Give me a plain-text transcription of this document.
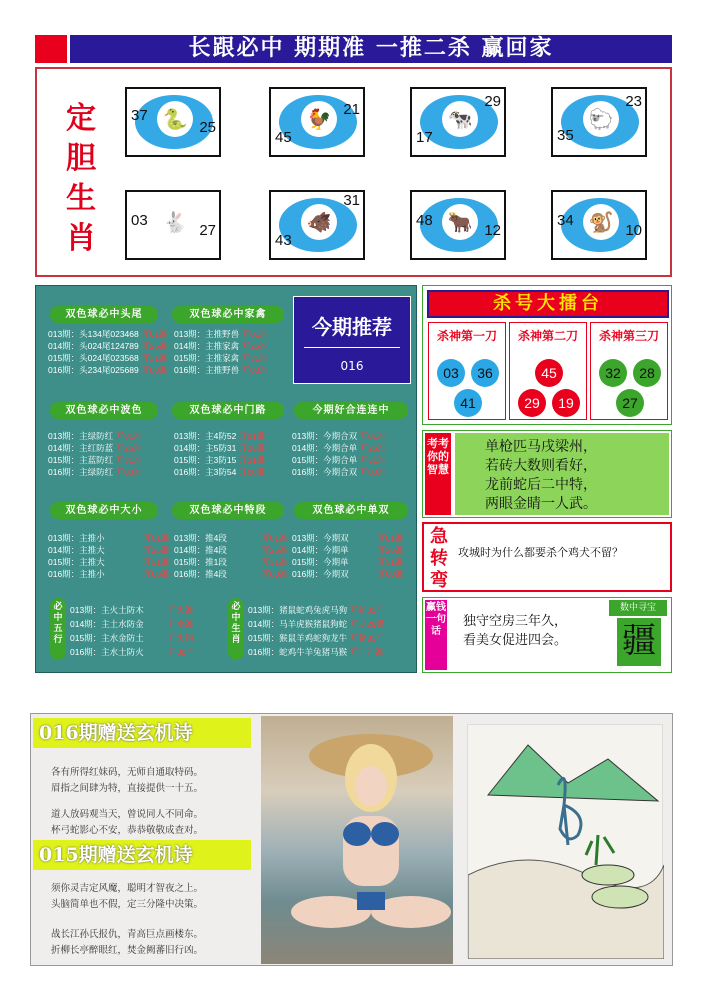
长跟必中 期期准 一推二杀 赢回家
定胆生肖
🐍
37
25	🐓
45
21	🐄
17
29
🐑
35
23
🐇
03
27	🐗
43
31
🐂
48
12	🐒
34
10
双色球必中头尾
013期：头134尾023468 开01准
014期：头024尾124789 开26准
015期：头024尾023568 开31准
016期：头234尾025689 开00准
双色球必中家禽
013期：主推野兽 开01准
014期：主推家禽 开26准
015期：主推家禽 开31准
016期：主推野兽 开00准
今期推荐
016
双色球必中波色
013期：主绿防红 开01准
014期：主红防蓝 开26准
015期：主蓝防红 开31准
016期：主绿防红 开00准
双色球必中门路
013期：主4防52 开01准
014期：主5防31 开26准
015期：主3防15 开31准
016期：主3防54 开00准
今期好合连连中
013期：今期合双 开01准
014期：今期合单 开26准
015期：今期合单 开31准
016期：今期合双 开00准
双色球必中大小
013期：主推小	开01准
014期：主推大	开26准
015期：主推大	开31准
016期：主推小	开00准
双色球必中特段
013期：推4段	开01准
014期：推4段	开26准
015期：推1段	开31准
016期：推4段	开00准
双色球必中单双
013期：今期双	开01准
014期：今期单	开26准
015期：今期单	开31准
016期：今期双	开00准
必中五行
013期：主火土防木	开火准
014期：主土水防金	开金准
015期：主水金防土	开火错
016期：主水土防火	开00准
必中生肖
013期：猪鼠蛇鸡兔虎马狗 开蛇01准
014期：马羊虎猴猪鼠狗蛇 开龙26错
015期：猴鼠羊鸡蛇狗龙牛 开猪31准
016期：蛇鸡牛羊兔猪马猴 开？？准
杀号大擂台
杀神第一刀
03	36
41
杀神第二刀
45
29	19
杀神第三刀
32	28
27
考考你的智慧
单枪匹马戌梁州，
若砖大数则看好，
龙前蛇后二中特，
两眼金睛一人武。
急转弯
攻城时为什么都要杀个鸡犬不留？
赢钱一句话
独守空房三年久，
看美女促进四会。
数中寻宝
疆
016期赠送玄机诗
各有所得红妹码，无师自通取特码。
眉指之间肆为特，直接提供一十五。
道人放码观当天，曾说同人不同命。
杯弓蛇影心不安，恭恭敬敬成查对。
015期赠送玄机诗
须你灵吉定风魔，聪明才智夜之上。
头脑简单也不假，定三分隆中决策。
战长江孙氏报仇，青高巨点画楼东。
折柳长亭醉眼红，焚金阙蕃旧行凶。
